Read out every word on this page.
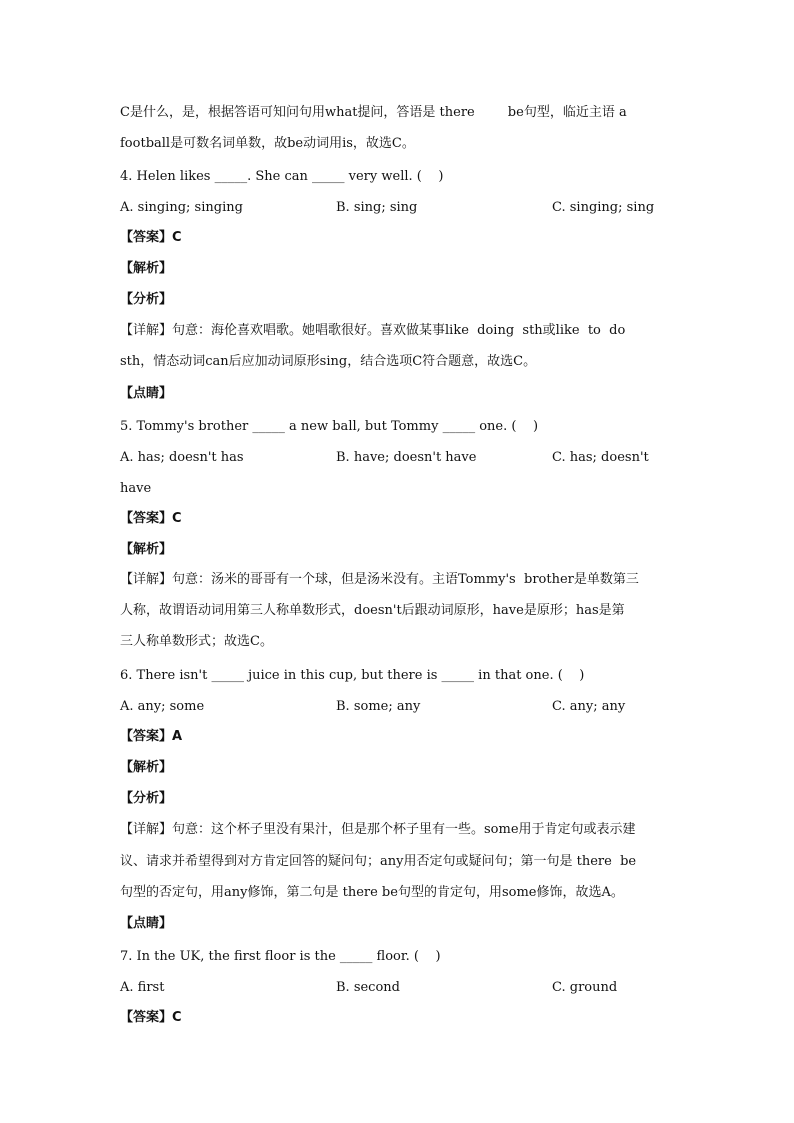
C是什么，是，根据答语可知问句用what提问，答语是 there        be句型，临近主语 a

football是可数名词单数，故be动词用is，故选C。

4. Helen likes _____. She can _____ very well. (    )

A. singing; singing	B. sing; sing	C. singing; sing

【答案】C

【解析】

【分析】

【详解】句意：海伦喜欢唱歌。她唱歌很好。喜欢做某事like  doing  sth或like  to  do

sth，情态动词can后应加动词原形sing，结合选项C符合题意，故选C。

【点睛】

5. Tommy's brother _____ a new ball, but Tommy _____ one. (    )

A. has; doesn't has	B. have; doesn't have	C. has; doesn't

have

【答案】C

【解析】

【详解】句意：汤米的哥哥有一个球，但是汤米没有。主语Tommy's  brother是单数第三

人称，故谓语动词用第三人称单数形式，doesn't后跟动词原形，have是原形；has是第

三人称单数形式；故选C。

6. There isn't _____ juice in this cup, but there is _____ in that one. (    )

A. any; some	B. some; any	C. any; any

【答案】A

【解析】

【分析】

【详解】句意：这个杯子里没有果汁，但是那个杯子里有一些。some用于肯定句或表示建

议、请求并希望得到对方肯定回答的疑问句；any用否定句或疑问句；第一句是 there  be

句型的否定句，用any修饰，第二句是 there be句型的肯定句，用some修饰，故选A。

【点睛】

7. In the UK, the first floor is the _____ floor. (    )

A. first	B. second	C. ground

【答案】C
